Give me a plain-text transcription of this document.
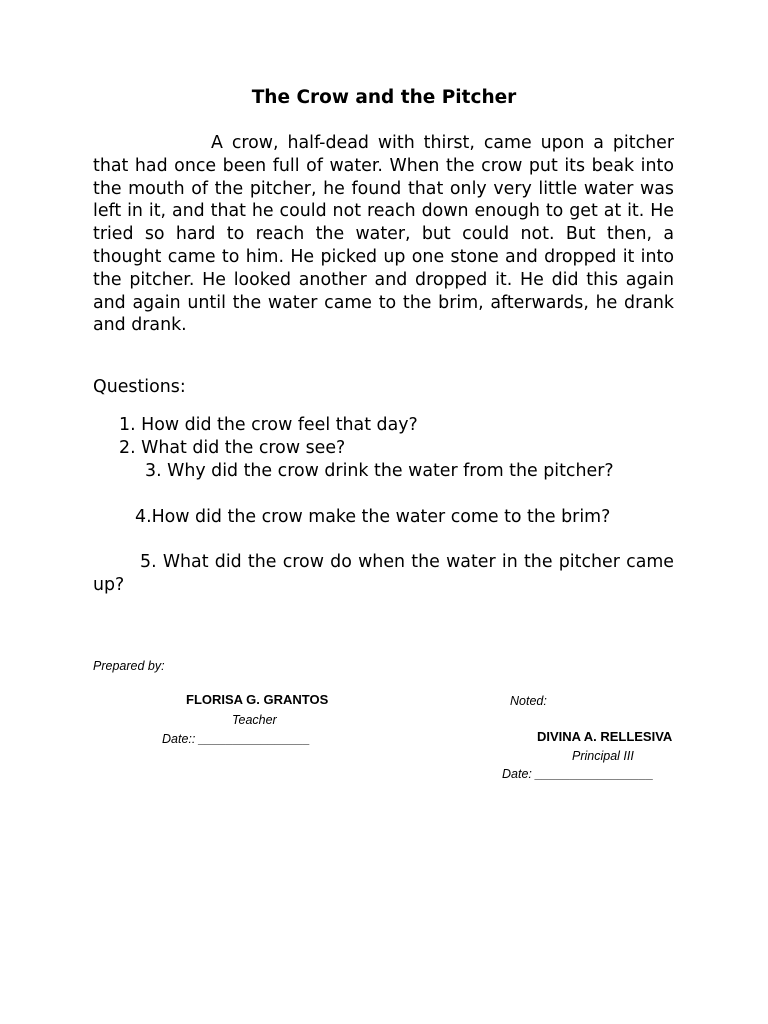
The Crow and the Pitcher

A crow, half-dead with thirst, came upon a pitcher that had once been full of water. When the crow put its beak into the mouth of the pitcher, he found that only very little water was left in it, and that he could not reach down enough to get at it. He tried so hard to reach the water, but could not. But then, a thought came to him. He picked up one stone and dropped it into the pitcher. He looked another and dropped it. He did this again and again until the water came to the brim, afterwards, he drank and drank.

Questions:

1. How did the crow feel that day?

2. What did the crow see?

3. Why did the crow drink the water from the pitcher?

4.How did the crow make the water come to the brim?

5. What did the crow do when the water in the pitcher came up?

Prepared by:
FLORISA G. GRANTOS
Teacher
Date:: ________________
Noted:
DIVINA A. RELLESIVA
Principal III
Date: _________________
